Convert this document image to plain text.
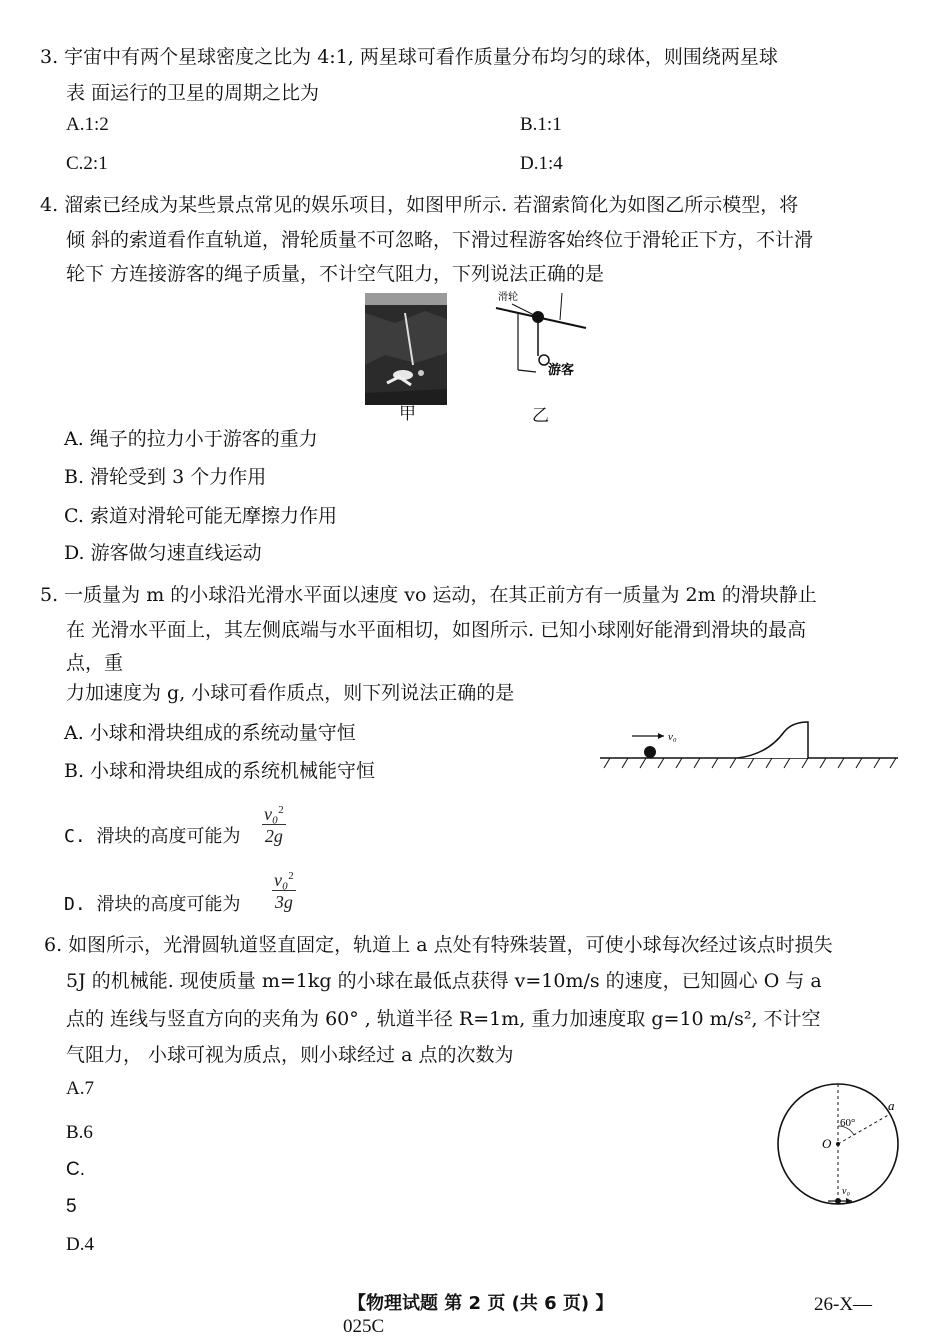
3. 宇宙中有两个星球密度之比为 4:1, 两星球可看作质量分布均匀的球体，则围绕两星球
表 面运行的卫星的周期之比为
A.1:2	B.1:1
C.2:1	D.1:4
4. 溜索已经成为某些景点常见的娱乐项目，如图甲所示. 若溜索简化为如图乙所示模型，将
倾 斜的索道看作直轨道，滑轮质量不可忽略，下滑过程游客始终位于滑轮正下方，不计滑
轮下 方连接游客的绳子质量，不计空气阻力，下列说法正确的是
甲
滑轮
游客
乙
A. 绳子的拉力小于游客的重力
B. 滑轮受到 3 个力作用
C. 索道对滑轮可能无摩擦力作用
D. 游客做匀速直线运动
5. 一质量为 m 的小球沿光滑水平面以速度 vo 运动，在其正前方有一质量为 2m 的滑块静止
在 光滑水平面上，其左侧底端与水平面相切，如图所示. 已知小球刚好能滑到滑块的最高
点，重
力加速度为 g, 小球可看作质点，则下列说法正确的是
A. 小球和滑块组成的系统动量守恒
B. 小球和滑块组成的系统机械能守恒
v₀
C. 滑块的高度可能为 $\frac{v_0^2}{2g}$
D. 滑块的高度可能为 $\frac{v_0^2}{3g}$
6. 如图所示，光滑圆轨道竖直固定，轨道上 a 点处有特殊装置，可使小球每次经过该点时损失
5J 的机械能. 现使质量 m=1kg 的小球在最低点获得 v=10m/s 的速度，已知圆心 O 与 a
点的 连线与竖直方向的夹角为 60° , 轨道半径 R=1m, 重力加速度取 g=10 m/s², 不计空
气阻力， 小球可视为质点，则小球经过 a 点的次数为
A.7
B.6
C.
5
D.4
60°
a
O
v₀
【物理试题 第 2 页 (共 6 页) 】	26-X—
025C
